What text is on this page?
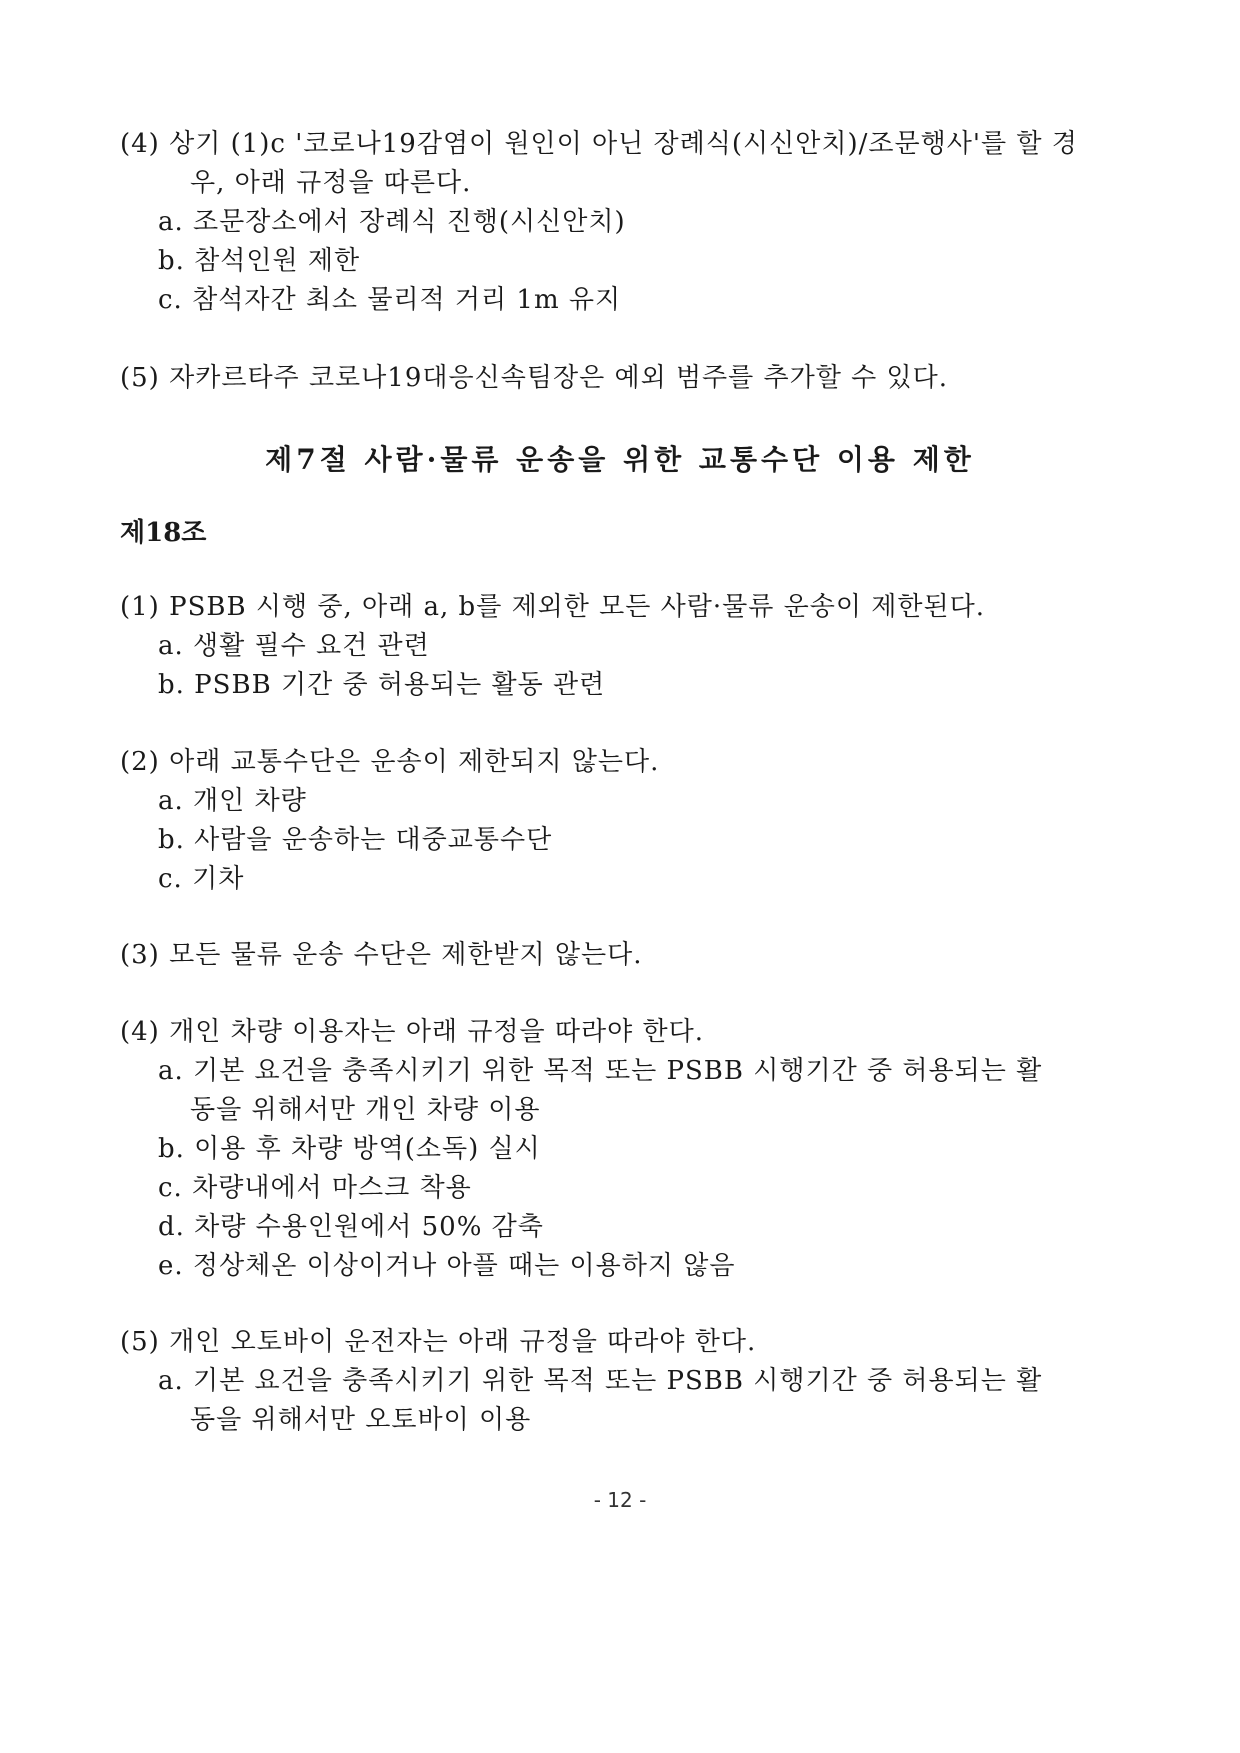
(4) 상기 (1)c '코로나19감염이 원인이 아닌 장례식(시신안치)/조문행사'를 할 경
우, 아래 규정을 따른다.
a. 조문장소에서 장례식 진행(시신안치)
b. 참석인원 제한
c. 참석자간 최소 물리적 거리 1m 유지
(5) 자카르타주 코로나19대응신속팀장은 예외 범주를 추가할 수 있다.
제7절 사람·물류 운송을 위한 교통수단 이용 제한
제18조
(1) PSBB 시행 중, 아래 a, b를 제외한 모든 사람·물류 운송이 제한된다.
a. 생활 필수 요건 관련
b. PSBB 기간 중 허용되는 활동 관련
(2) 아래 교통수단은 운송이 제한되지 않는다.
a. 개인 차량
b. 사람을 운송하는 대중교통수단
c. 기차
(3) 모든 물류 운송 수단은 제한받지 않는다.
(4) 개인 차량 이용자는 아래 규정을 따라야 한다.
a. 기본 요건을 충족시키기 위한 목적 또는 PSBB 시행기간 중 허용되는 활
동을 위해서만 개인 차량 이용
b. 이용 후 차량 방역(소독) 실시
c. 차량내에서 마스크 착용
d. 차량 수용인원에서 50% 감축
e. 정상체온 이상이거나 아플 때는 이용하지 않음
(5) 개인 오토바이 운전자는 아래 규정을 따라야 한다.
a. 기본 요건을 충족시키기 위한 목적 또는 PSBB 시행기간 중 허용되는 활
동을 위해서만 오토바이 이용
- 12 -
